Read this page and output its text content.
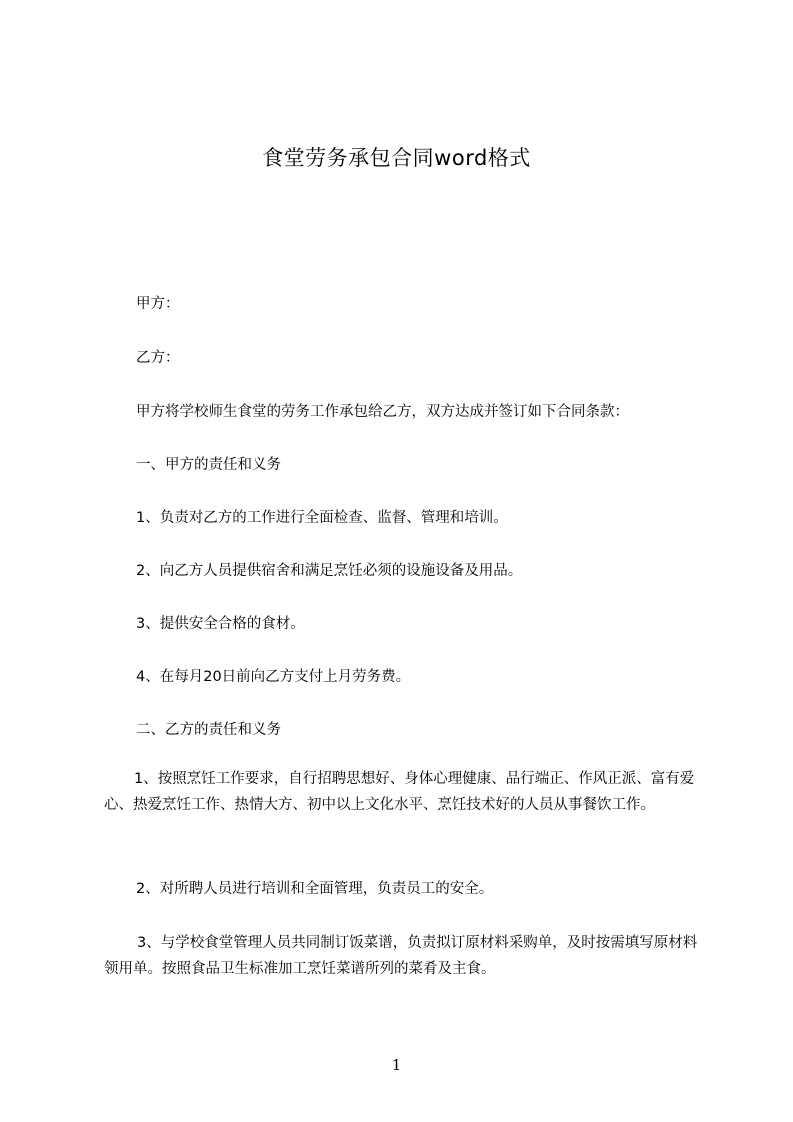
食堂劳务承包合同word格式
甲方：
乙方：
甲方将学校师生食堂的劳务工作承包给乙方，双方达成并签订如下合同条款：
一、甲方的责任和义务
1、负责对乙方的工作进行全面检查、监督、管理和培训。
2、向乙方人员提供宿舍和满足烹饪必须的设施设备及用品。
3、提供安全合格的食材。
4、在每月20日前向乙方支付上月劳务费。
二、乙方的责任和义务
1、按照烹饪工作要求，自行招聘思想好、身体心理健康、品行端正、作风正派、富有爱心、热爱烹饪工作、热情大方、初中以上文化水平、烹饪技术好的人员从事餐饮工作。
2、对所聘人员进行培训和全面管理，负责员工的安全。
3、与学校食堂管理人员共同制订饭菜谱，负责拟订原材料采购单，及时按需填写原材料领用单。按照食品卫生标准加工烹饪菜谱所列的菜肴及主食。
1
